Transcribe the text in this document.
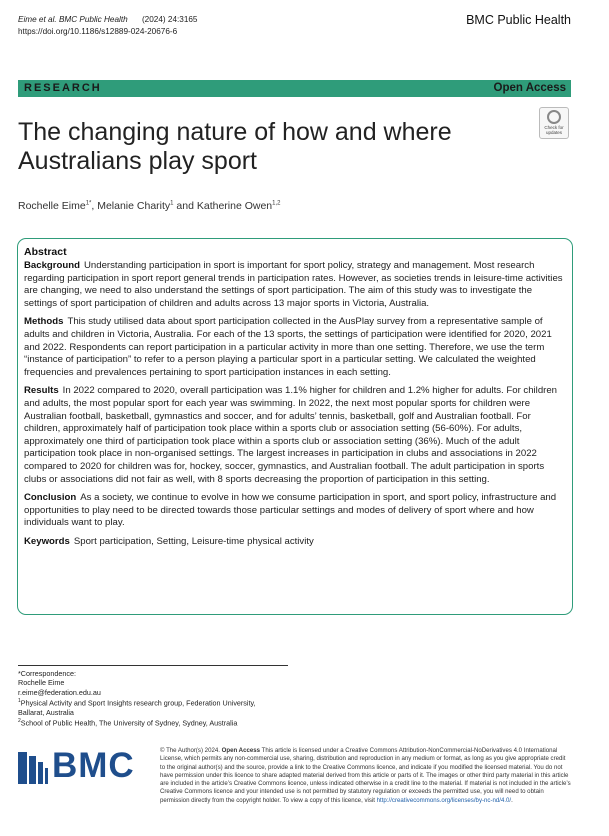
Eime et al. BMC Public Health (2024) 24:3165
https://doi.org/10.1186/s12889-024-20676-6
BMC Public Health
RESEARCH	Open Access
The changing nature of how and where Australians play sport
Check for updates
Rochelle Eime$^{1*}$, Melanie Charity$^1$ and Katherine Owen$^{1,2}$
Abstract

Background Understanding participation in sport is important for sport policy, strategy and management. Most research regarding participation in sport report general trends in participation rates. However, as societies trends in leisure-time activities are changing, we need to also understand the settings of sport participation. The aim of this study was to investigate the settings of sport participation of children and adults across 13 major sports in Victoria, Australia.

Methods This study utilised data about sport participation collected in the AusPlay survey from a representative sample of adults and children in Victoria, Australia. For each of the 13 sports, the settings of participation were identified for 2020, 2021 and 2022. Respondents can report participation in a particular activity in more than one setting. Therefore, we use the term “instance of participation” to refer to a person playing a particular sport in a particular setting. We calculated the weighted frequencies and prevalences pertaining to sport participation instances in each setting.

Results In 2022 compared to 2020, overall participation was 1.1% higher for children and 1.2% higher for adults. For children and adults, the most popular sport for each year was swimming. In 2022, the next most popular sports for children were Australian football, basketball, gymnastics and soccer, and for adults’ tennis, basketball, golf and Australian football. For children, approximately half of participation took place within a sports club or association setting (56-60%). For adults, approximately one third of participation took place within a sports club or association setting (36%). Much of the adult participation took place in non-organised settings. The largest increases in participation in clubs and associations in 2022 compared to 2020 for children was for, hockey, soccer, gymnastics, and Australian football. The adult participation in sports clubs or associations did not fair as well, with 8 sports decreasing the proportion of participation in this setting.

Conclusion As a society, we continue to evolve in how we consume participation in sport, and sport policy, infrastructure and opportunities to play need to be directed towards those particular settings and modes of delivery of sport where and how individuals want to play.

Keywords Sport participation, Setting, Leisure-time physical activity

*Correspondence:
Rochelle Eime
r.eime@federation.edu.au
$^1$Physical Activity and Sport Insights research group, Federation University,
Ballarat, Australia
$^2$School of Public Health, The University of Sydney, Sydney, Australia
BMC	© The Author(s) 2024. Open Access This article is licensed under a Creative Commons Attribution-NonCommercial-NoDerivatives 4.0 International License, which permits any non-commercial use, sharing, distribution and reproduction in any medium or format, as long as you give appropriate credit to the original author(s) and the source, provide a link to the Creative Commons licence, and indicate if you modified the licensed material. You do not have permission under this licence to share adapted material derived from this article or parts of it. The images or other third party material in this article are included in the article’s Creative Commons licence, unless indicated otherwise in a credit line to the material. If material is not included in the article’s Creative Commons licence and your intended use is not permitted by statutory regulation or exceeds the permitted use, you will need to obtain permission directly from the copyright holder. To view a copy of this licence, visit http://creativecommons.org/licenses/by-nc-nd/4.0/.
